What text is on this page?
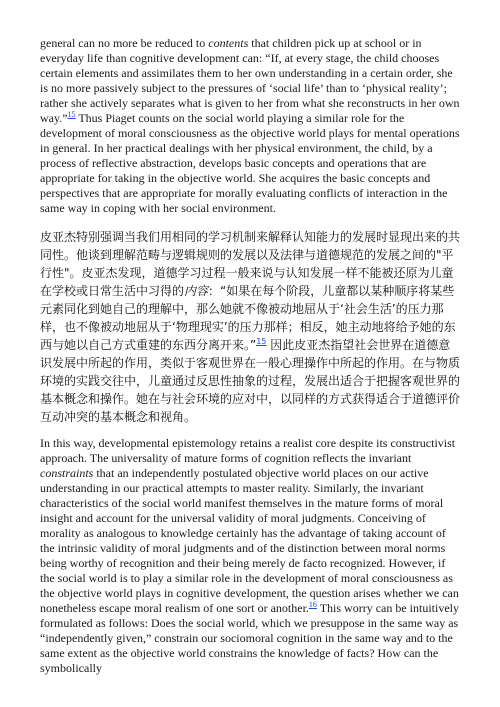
general can no more be reduced to contents that children pick up at school or in everyday life than cognitive development can: “If, at every stage, the child chooses certain elements and assimilates them to her own understanding in a certain order, she is no more passively subject to the pressures of ‘social life’ than to ‘physical reality’; rather she actively separates what is given to her from what she reconstructs in her own way.”$^{15}$ Thus Piaget counts on the social world playing a similar role for the development of moral consciousness as the objective world plays for mental operations in general. In her practical dealings with her physical environment, the child, by a process of reflective abstraction, develops basic concepts and operations that are appropriate for taking in the objective world. She acquires the basic concepts and perspectives that are appropriate for morally evaluating conflicts of interaction in the same way in coping with her social environment.

皮亚杰特别强调当我们用相同的学习机制来解释认知能力的发展时显现出来的共同性。他谈到理解范畴与逻辑规则的发展以及法律与道德规范的发展之间的"平行性"。皮亚杰发现，道德学习过程一般来说与认知发展一样不能被还原为儿童在学校或日常生活中习得的内容：“如果在每个阶段，儿童都以某种顺序将某些元素同化到她自己的理解中，那么她就不像被动地屈从于‘社会生活’的压力那样，也不像被动地屈从于‘物理现实’的压力那样；相反，她主动地将给予她的东西与她以自己方式重建的东西分离开来。”$^{15}$ 因此皮亚杰指望社会世界在道德意识发展中所起的作用，类似于客观世界在一般心理操作中所起的作用。在与物质环境的实践交往中，儿童通过反思性抽象的过程，发展出适合于把握客观世界的基本概念和操作。她在与社会环境的应对中，以同样的方式获得适合于道德评价互动冲突的基本概念和视角。

In this way, developmental epistemology retains a realist core despite its constructivist approach. The universality of mature forms of cognition reflects the invariant constraints that an independently postulated objective world places on our active understanding in our practical attempts to master reality. Similarly, the invariant characteristics of the social world manifest themselves in the mature forms of moral insight and account for the universal validity of moral judgments. Conceiving of morality as analogous to knowledge certainly has the advantage of taking account of the intrinsic validity of moral judgments and of the distinction between moral norms being worthy of recognition and their being merely de facto recognized. However, if the social world is to play a similar role in the development of moral consciousness as the objective world plays in cognitive development, the question arises whether we can nonetheless escape moral realism of one sort or another.$^{16}$ This worry can be intuitively formulated as follows: Does the social world, which we presuppose in the same way as “independently given,” constrain our sociomoral cognition in the same way and to the same extent as the objective world constrains the knowledge of facts? How can the symbolically
